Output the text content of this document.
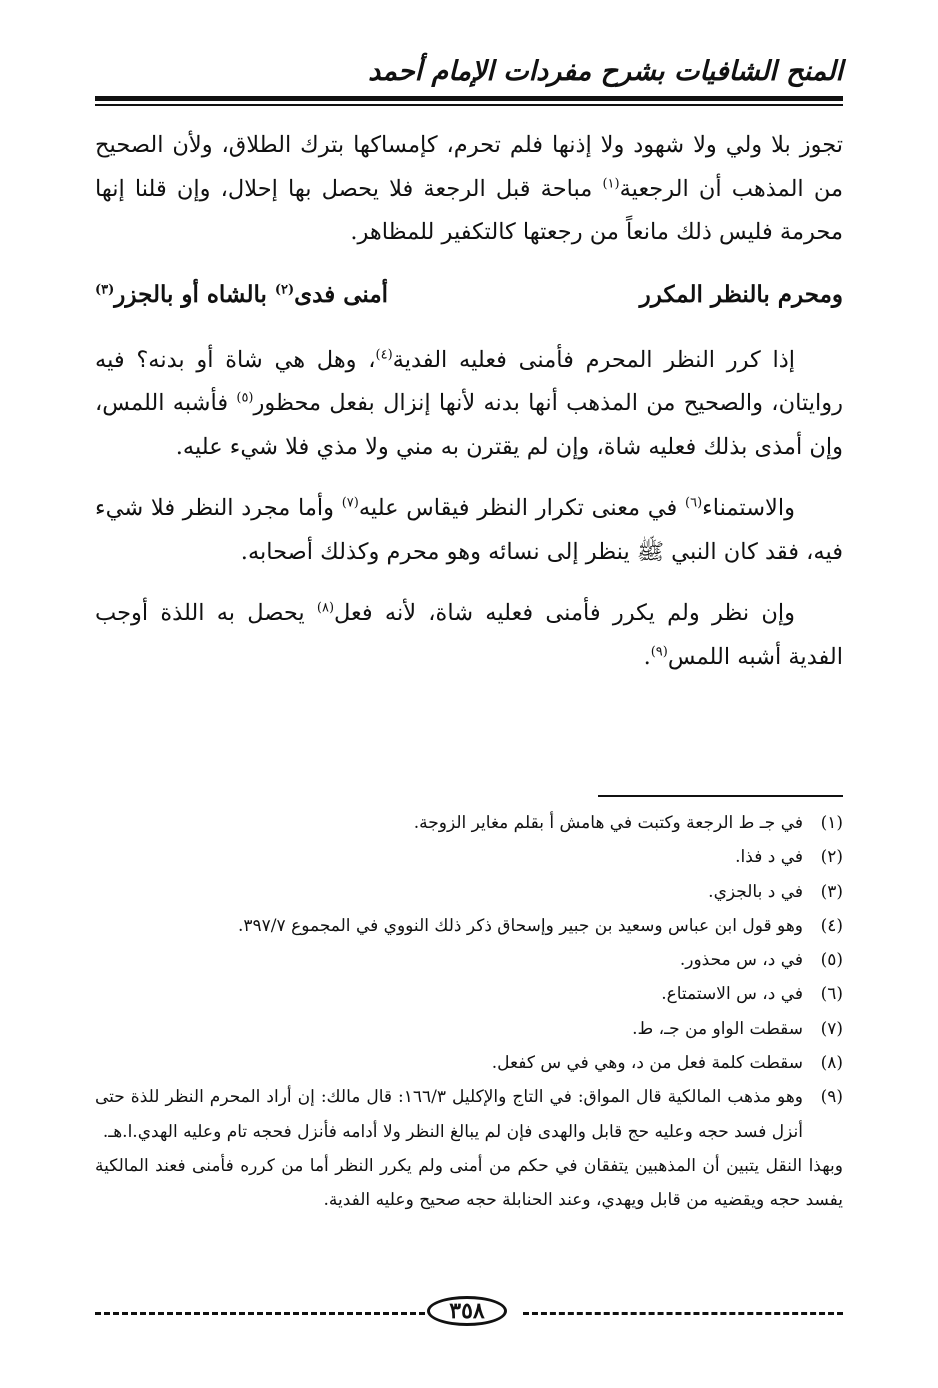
المنح الشافيات بشرح مفردات الإمام أحمد

تجوز بلا ولي ولا شهود ولا إذنها فلم تحرم، كإمساكها بترك الطلاق، ولأن الصحيح من المذهب أن الرجعية$^{(١)}$ مباحة قبل الرجعة فلا يحصل بها إحلال، وإن قلنا إنها محرمة فليس ذلك مانعاً من رجعتها كالتكفير للمظاهر.

ومحرم بالنظر المكرر
أمنى فدى$^{(٢)}$ بالشاه أو بالجزر$^{(٣)}$

إذا كرر النظر المحرم فأمنى فعليه الفدية$^{(٤)}$، وهل هي شاة أو بدنه؟ فيه روايتان، والصحيح من المذهب أنها بدنه لأنها إنزال بفعل محظور$^{(٥)}$ فأشبه اللمس، وإن أمذى بذلك فعليه شاة، وإن لم يقترن به مني ولا مذي فلا شيء عليه.

والاستمناء$^{(٦)}$ في معنى تكرار النظر فيقاس عليه$^{(٧)}$ وأما مجرد النظر فلا شيء فيه، فقد كان النبي ﷺ ينظر إلى نسائه وهو محرم وكذلك أصحابه.

وإن نظر ولم يكرر فأمنى فعليه شاة، لأنه فعل$^{(٨)}$ يحصل به اللذة أوجب الفدية أشبه اللمس$^{(٩)}$.

(١)
في جـ ط الرجعة وكتبت في هامش أ بقلم مغاير الزوجة.
(٢)
في د فذا.
(٣)
في د بالجزي.
(٤)
وهو قول ابن عباس وسعيد بن جبير وإسحاق ذكر ذلك النووي في المجموع ٣٩٧/٧.
(٥)
في د، س محذور.
(٦)
في د، س الاستمتاع.
(٧)
سقطت الواو من جـ، ط.
(٨)
سقطت كلمة فعل من د، وهي في س كفعل.
(٩)
وهو مذهب المالكية قال المواق: في التاج والإكليل ١٦٦/٣: قال مالك: إن أراد المحرم النظر للذة حتى أنزل فسد حجه وعليه حج قابل والهدى فإن لم يبالغ النظر ولا أدامه فأنزل فحجه تام وعليه الهدي.ا.هـ.
وبهذا النقل يتبين أن المذهبين يتفقان في حكم من أمنى ولم يكرر النظر أما من كرره فأمنى فعند المالكية يفسد حجه ويقضيه من قابل ويهدي، وعند الحنابلة حجه صحيح وعليه الفدية.
٣٥٨
